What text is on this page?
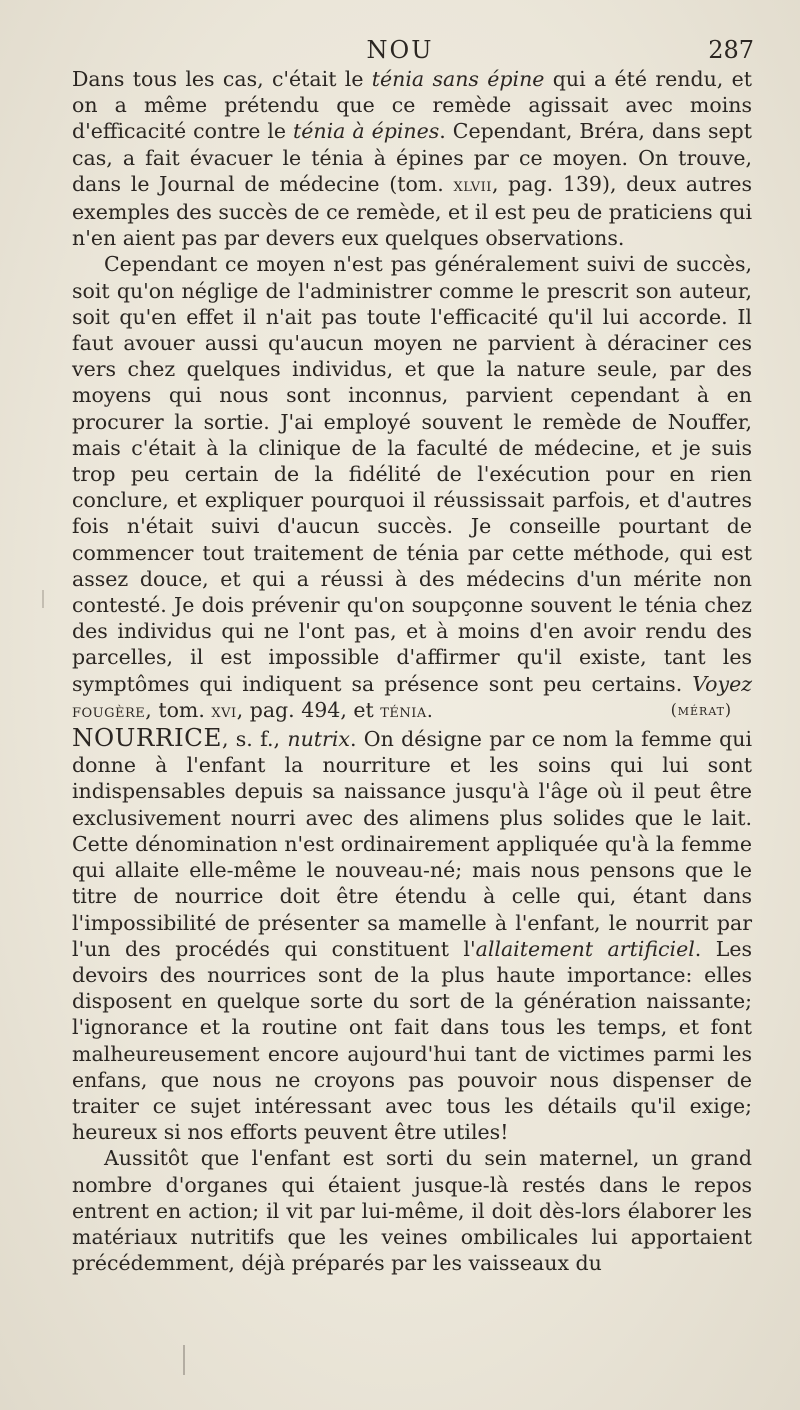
NOU	287

Dans tous les cas, c'était le ténia sans épine qui a été rendu, et on a même prétendu que ce remède agissait avec moins d'efficacité contre le ténia à épines. Cependant, Bréra, dans sept cas, a fait évacuer le ténia à épines par ce moyen. On trouve, dans le Journal de médecine (tom. xlvii, pag. 139), deux autres exemples des succès de ce remède, et il est peu de praticiens qui n'en aient pas par devers eux quelques observations.

Cependant ce moyen n'est pas généralement suivi de succès, soit qu'on néglige de l'administrer comme le prescrit son auteur, soit qu'en effet il n'ait pas toute l'efficacité qu'il lui accorde. Il faut avouer aussi qu'aucun moyen ne parvient à déraciner ces vers chez quelques individus, et que la nature seule, par des moyens qui nous sont inconnus, parvient cependant à en procurer la sortie. J'ai employé souvent le remède de Nouffer, mais c'était à la clinique de la faculté de médecine, et je suis trop peu certain de la fidélité de l'exécution pour en rien conclure, et expliquer pourquoi il réussissait parfois, et d'autres fois n'était suivi d'aucun succès. Je conseille pourtant de commencer tout traitement de ténia par cette méthode, qui est assez douce, et qui a réussi à des médecins d'un mérite non contesté. Je dois prévenir qu'on soupçonne souvent le ténia chez des individus qui ne l'ont pas, et à moins d'en avoir rendu des parcelles, il est impossible d'affirmer qu'il existe, tant les symptômes qui indiquent sa présence sont peu certains. Voyez fougère, tom. xvi, pag. 494, et ténia.	(mérat)

NOURRICE, s. f., nutrix. On désigne par ce nom la femme qui donne à l'enfant la nourriture et les soins qui lui sont indispensables depuis sa naissance jusqu'à l'âge où il peut être exclusivement nourri avec des alimens plus solides que le lait. Cette dénomination n'est ordinairement appliquée qu'à la femme qui allaite elle-même le nouveau-né; mais nous pensons que le titre de nourrice doit être étendu à celle qui, étant dans l'impossibilité de présenter sa mamelle à l'enfant, le nourrit par l'un des procédés qui constituent l'allaitement artificiel. Les devoirs des nourrices sont de la plus haute importance: elles disposent en quelque sorte du sort de la génération naissante; l'ignorance et la routine ont fait dans tous les temps, et font malheureusement encore aujourd'hui tant de victimes parmi les enfans, que nous ne croyons pas pouvoir nous dispenser de traiter ce sujet intéressant avec tous les détails qu'il exige; heureux si nos efforts peuvent être utiles!

Aussitôt que l'enfant est sorti du sein maternel, un grand nombre d'organes qui étaient jusque-là restés dans le repos entrent en action; il vit par lui-même, il doit dès-lors élaborer les matériaux nutritifs que les veines ombilicales lui apportaient précédemment, déjà préparés par les vaisseaux du
